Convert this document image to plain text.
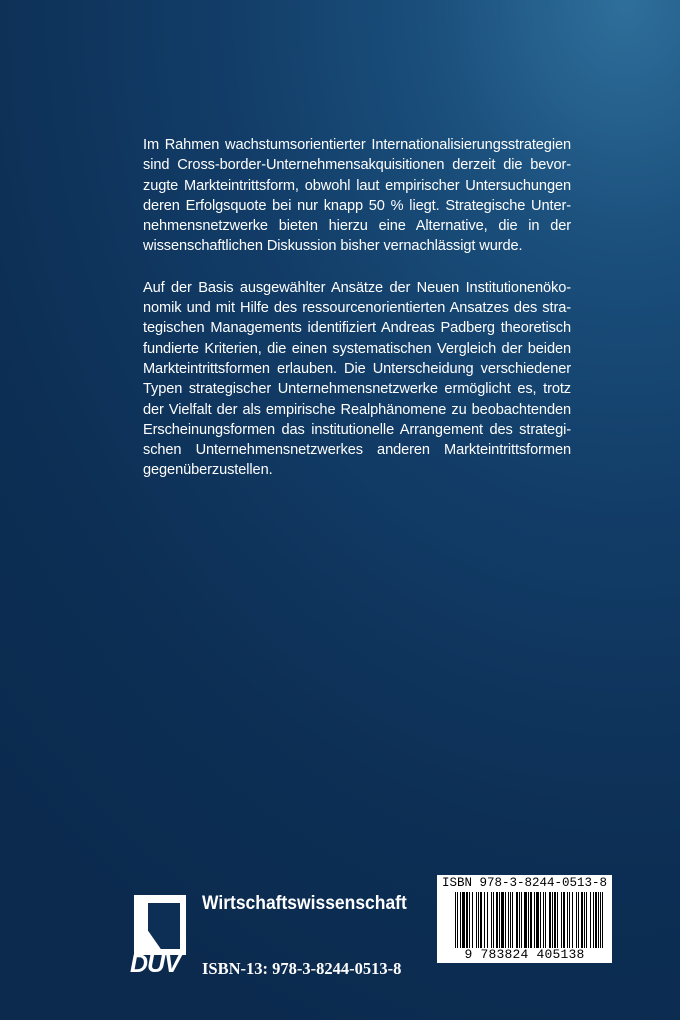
Im Rahmen wachstumsorientierter Internationalisierungsstrategien
sind Cross-border-Unternehmensakquisitionen derzeit die bevor-
zugte Markteintrittsform, obwohl laut empirischer Untersuchungen
deren Erfolgsquote bei nur knapp 50 % liegt. Strategische Unter-
nehmensnetzwerke bieten hierzu eine Alternative, die in der
wissenschaftlichen Diskussion bisher vernachlässigt wurde.

Auf der Basis ausgewählter Ansätze der Neuen Institutionenöko-
nomik und mit Hilfe des ressourcenorientierten Ansatzes des stra-
tegischen Managements identifiziert Andreas Padberg theoretisch
fundierte Kriterien, die einen systematischen Vergleich der beiden
Markteintrittsformen erlauben. Die Unterscheidung verschiedener
Typen strategischer Unternehmensnetzwerke ermöglicht es, trotz
der Vielfalt der als empirische Realphänomene zu beobachtenden
Erscheinungsformen das institutionelle Arrangement des strategi-
schen Unternehmensnetzwerkes anderen Markteintrittsformen
gegenüberzustellen.

DUV
Wirtschaftswissenschaft
ISBN-13: 978-3-8244-0513-8
ISBN 978-3-8244-0513-8
9 783824 405138
